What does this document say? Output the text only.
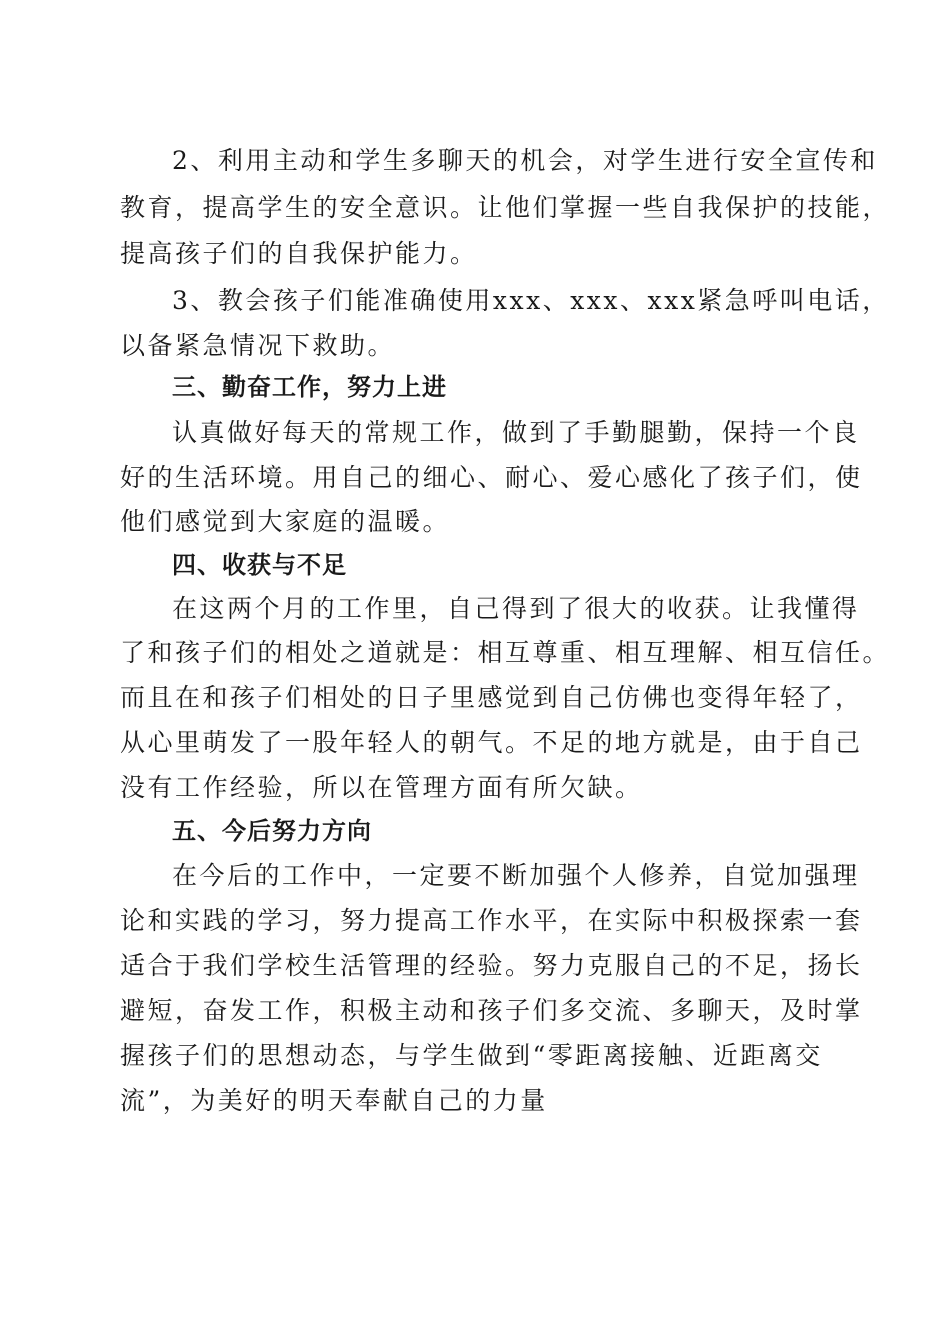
2、利用主动和学生多聊天的机会，对学生进行安全宣传和
教育，提高学生的安全意识。让他们掌握一些自我保护的技能，
提高孩子们的自我保护能力。
3、教会孩子们能准确使用xxx、xxx、xxx紧急呼叫电话，
以备紧急情况下救助。
三、勤奋工作，努力上进
认真做好每天的常规工作，做到了手勤腿勤，保持一个良
好的生活环境。用自己的细心、耐心、爱心感化了孩子们，使
他们感觉到大家庭的温暖。
四、收获与不足
在这两个月的工作里，自己得到了很大的收获。让我懂得
了和孩子们的相处之道就是：相互尊重、相互理解、相互信任。
而且在和孩子们相处的日子里感觉到自己仿佛也变得年轻了，
从心里萌发了一股年轻人的朝气。不足的地方就是，由于自己
没有工作经验，所以在管理方面有所欠缺。
五、今后努力方向
在今后的工作中，一定要不断加强个人修养，自觉加强理
论和实践的学习，努力提高工作水平，在实际中积极探索一套
适合于我们学校生活管理的经验。努力克服自己的不足，扬长
避短，奋发工作，积极主动和孩子们多交流、多聊天，及时掌
握孩子们的思想动态，与学生做到“零距离接触、近距离交
流”，为美好的明天奉献自己的力量
